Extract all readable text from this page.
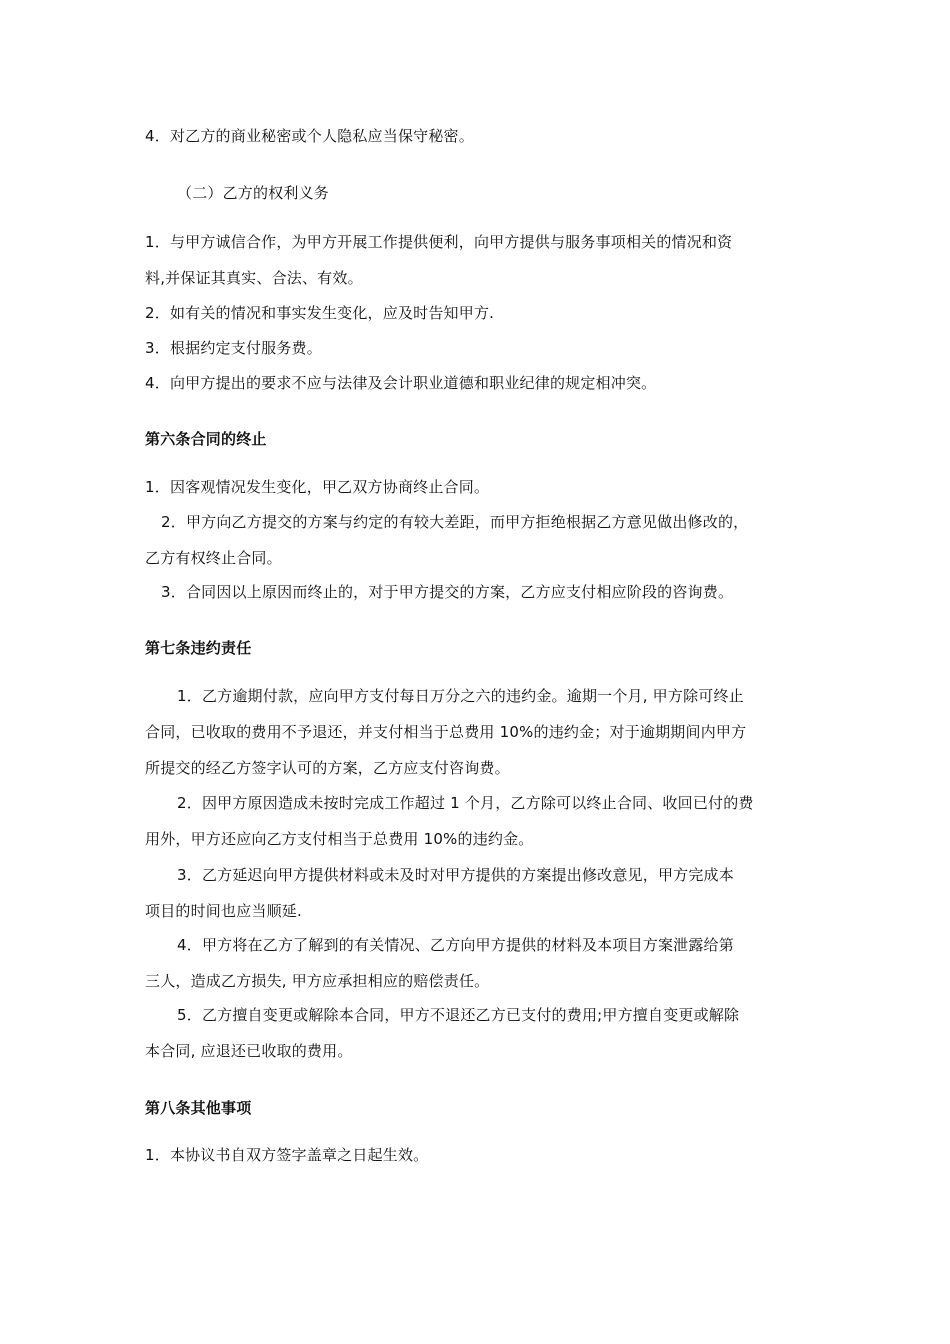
4．对乙方的商业秘密或个人隐私应当保守秘密。
（二）乙方的权利义务
1．与甲方诚信合作，为甲方开展工作提供便利，向甲方提供与服务事项相关的情况和资
料,并保证其真实、合法、有效。
2．如有关的情况和事实发生变化，应及时告知甲方.
3．根据约定支付服务费。
4．向甲方提出的要求不应与法律及会计职业道德和职业纪律的规定相冲突。
第六条合同的终止
1．因客观情况发生变化，甲乙双方协商终止合同。
2．甲方向乙方提交的方案与约定的有较大差距，而甲方拒绝根据乙方意见做出修改的，
乙方有权终止合同。
3．合同因以上原因而终止的，对于甲方提交的方案，乙方应支付相应阶段的咨询费。
第七条违约责任
1．乙方逾期付款，应向甲方支付每日万分之六的违约金。逾期一个月, 甲方除可终止
合同，已收取的费用不予退还，并支付相当于总费用 10%的违约金；对于逾期期间内甲方
所提交的经乙方签字认可的方案，乙方应支付咨询费。
2．因甲方原因造成未按时完成工作超过 1 个月，乙方除可以终止合同、收回已付的费
用外，甲方还应向乙方支付相当于总费用 10%的违约金。
3．乙方延迟向甲方提供材料或未及时对甲方提供的方案提出修改意见，甲方完成本
项目的时间也应当顺延.
4．甲方将在乙方了解到的有关情况、乙方向甲方提供的材料及本项目方案泄露给第
三人，造成乙方损失, 甲方应承担相应的赔偿责任。
5．乙方擅自变更或解除本合同，甲方不退还乙方已支付的费用;甲方擅自变更或解除
本合同, 应退还已收取的费用。
第八条其他事项
1．本协议书自双方签字盖章之日起生效。
